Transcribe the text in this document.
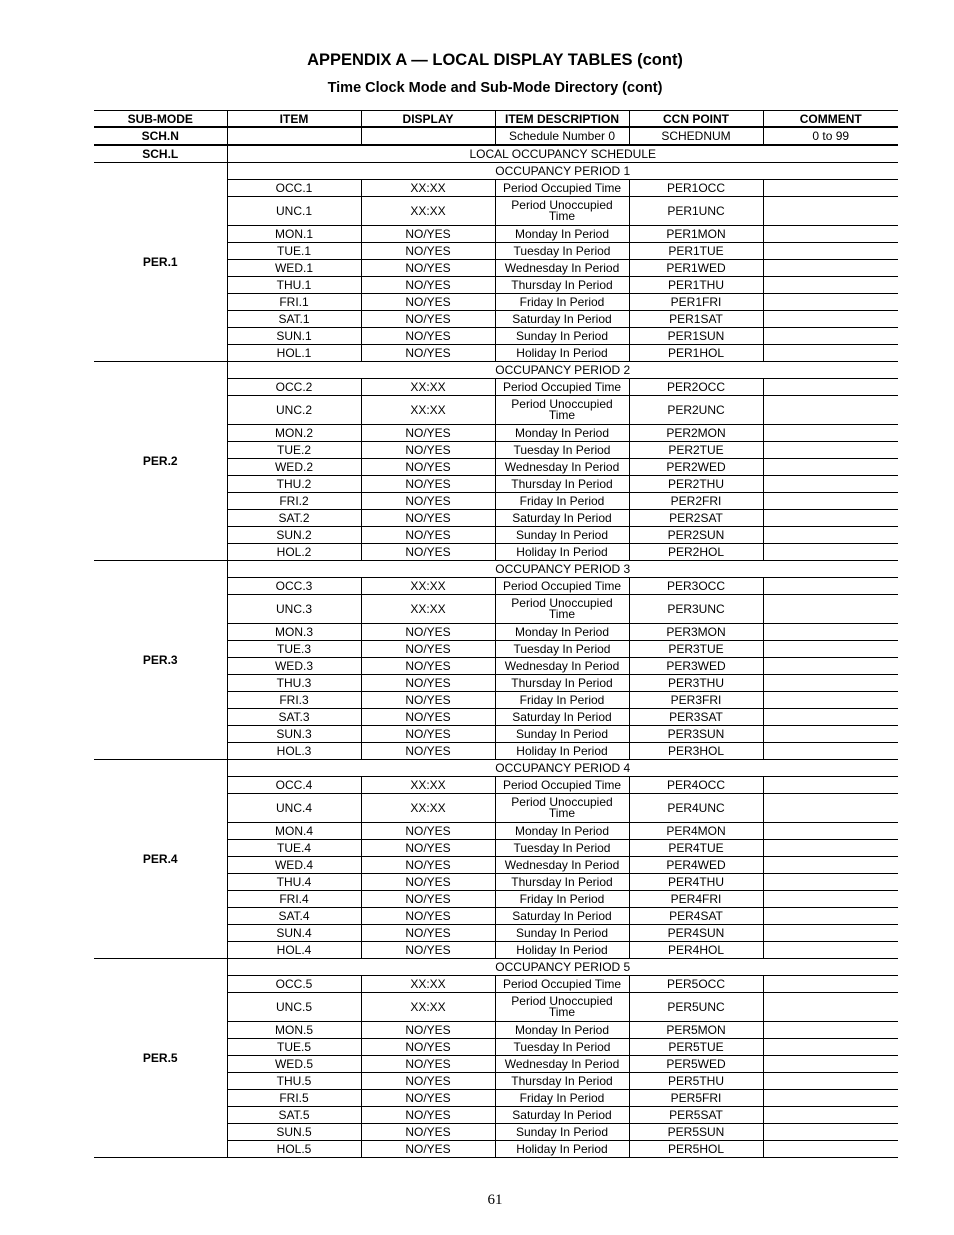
APPENDIX A — LOCAL DISPLAY TABLES (cont)
Time Clock Mode and Sub-Mode Directory (cont)
SUB-MODE	ITEM	DISPLAY	ITEM DESCRIPTION	CCN POINT	COMMENT
SCH.N			Schedule Number 0	SCHEDNUM	0 to 99
SCH.L	LOCAL OCCUPANCY SCHEDULE				
PER.1	OCCUPANCY PERIOD 1				
	OCC.1	XX:XX	Period Occupied Time	PER1OCC	
	UNC.1	XX:XX	Period Unoccupied Time	PER1UNC	
	MON.1	NO/YES	Monday In Period	PER1MON	
	TUE.1	NO/YES	Tuesday In Period	PER1TUE	
	WED.1	NO/YES	Wednesday In Period	PER1WED	
	THU.1	NO/YES	Thursday In Period	PER1THU	
	FRI.1	NO/YES	Friday In Period	PER1FRI	
	SAT.1	NO/YES	Saturday In Period	PER1SAT	
	SUN.1	NO/YES	Sunday In Period	PER1SUN	
	HOL.1	NO/YES	Holiday In Period	PER1HOL	
PER.2	OCCUPANCY PERIOD 2				
	OCC.2	XX:XX	Period Occupied Time	PER2OCC	
	UNC.2	XX:XX	Period Unoccupied Time	PER2UNC	
	MON.2	NO/YES	Monday In Period	PER2MON	
	TUE.2	NO/YES	Tuesday In Period	PER2TUE	
	WED.2	NO/YES	Wednesday In Period	PER2WED	
	THU.2	NO/YES	Thursday In Period	PER2THU	
	FRI.2	NO/YES	Friday In Period	PER2FRI	
	SAT.2	NO/YES	Saturday In Period	PER2SAT	
	SUN.2	NO/YES	Sunday In Period	PER2SUN	
	HOL.2	NO/YES	Holiday In Period	PER2HOL	
PER.3	OCCUPANCY PERIOD 3				
	OCC.3	XX:XX	Period Occupied Time	PER3OCC	
	UNC.3	XX:XX	Period Unoccupied Time	PER3UNC	
	MON.3	NO/YES	Monday In Period	PER3MON	
	TUE.3	NO/YES	Tuesday In Period	PER3TUE	
	WED.3	NO/YES	Wednesday In Period	PER3WED	
	THU.3	NO/YES	Thursday In Period	PER3THU	
	FRI.3	NO/YES	Friday In Period	PER3FRI	
	SAT.3	NO/YES	Saturday In Period	PER3SAT	
	SUN.3	NO/YES	Sunday In Period	PER3SUN	
	HOL.3	NO/YES	Holiday In Period	PER3HOL	
PER.4	OCCUPANCY PERIOD 4				
	OCC.4	XX:XX	Period Occupied Time	PER4OCC	
	UNC.4	XX:XX	Period Unoccupied Time	PER4UNC	
	MON.4	NO/YES	Monday In Period	PER4MON	
	TUE.4	NO/YES	Tuesday In Period	PER4TUE	
	WED.4	NO/YES	Wednesday In Period	PER4WED	
	THU.4	NO/YES	Thursday In Period	PER4THU	
	FRI.4	NO/YES	Friday In Period	PER4FRI	
	SAT.4	NO/YES	Saturday In Period	PER4SAT	
	SUN.4	NO/YES	Sunday In Period	PER4SUN	
	HOL.4	NO/YES	Holiday In Period	PER4HOL	
PER.5	OCCUPANCY PERIOD 5				
	OCC.5	XX:XX	Period Occupied Time	PER5OCC	
	UNC.5	XX:XX	Period Unoccupied Time	PER5UNC	
	MON.5	NO/YES	Monday In Period	PER5MON	
	TUE.5	NO/YES	Tuesday In Period	PER5TUE	
	WED.5	NO/YES	Wednesday In Period	PER5WED	
	THU.5	NO/YES	Thursday In Period	PER5THU	
	FRI.5	NO/YES	Friday In Period	PER5FRI	
	SAT.5	NO/YES	Saturday In Period	PER5SAT	
	SUN.5	NO/YES	Sunday In Period	PER5SUN	
	HOL.5	NO/YES	Holiday In Period	PER5HOL	
61
